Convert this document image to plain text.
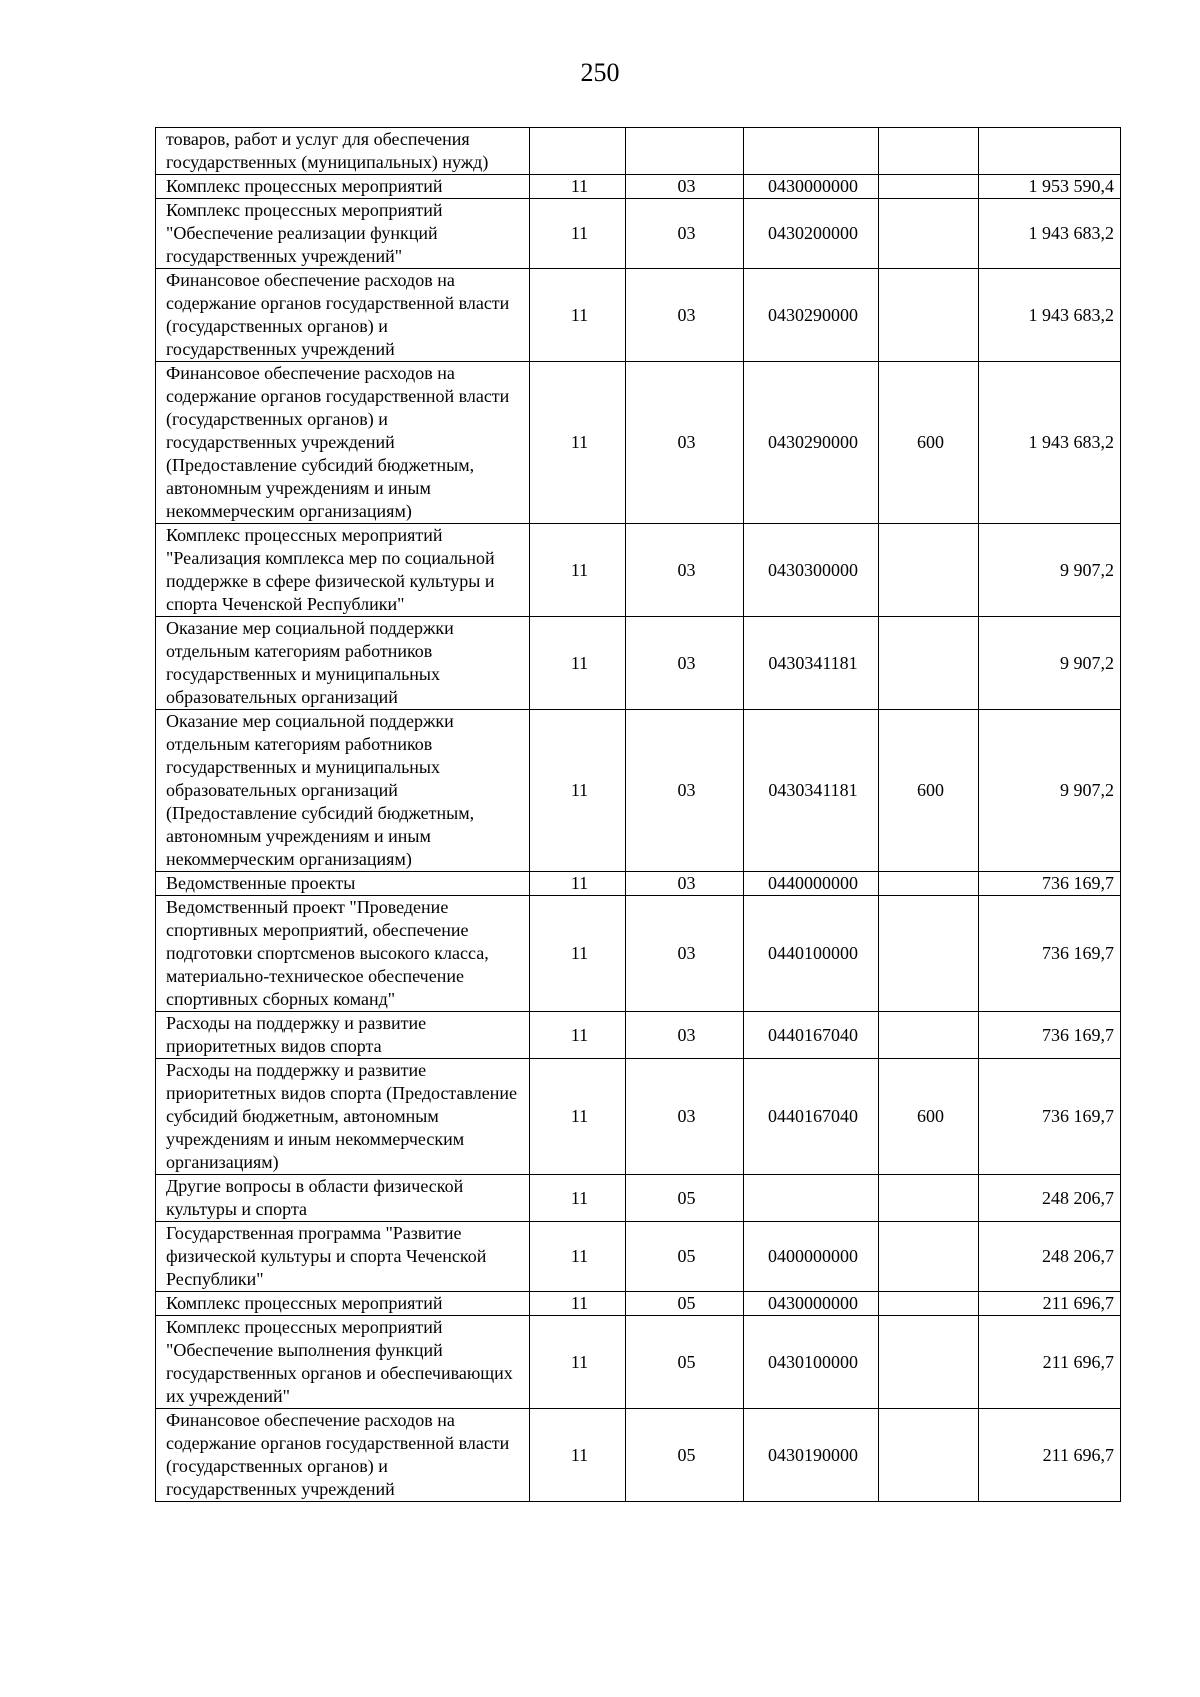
250
товаров, работ и услуг для обеспечения государственных (муниципальных) нужд)					
Комплекс процессных мероприятий	11	03	0430000000		1 953 590,4
Комплекс процессных мероприятий "Обеспечение реализации функций государственных учреждений"	11	03	0430200000		1 943 683,2
Финансовое обеспечение расходов на содержание органов государственной власти (государственных органов) и государственных учреждений	11	03	0430290000		1 943 683,2
Финансовое обеспечение расходов на содержание органов государственной власти (государственных органов) и государственных учреждений (Предоставление субсидий бюджетным, автономным учреждениям и иным некоммерческим организациям)	11	03	0430290000	600	1 943 683,2
Комплекс процессных мероприятий "Реализация комплекса мер по социальной поддержке в сфере физической культуры и спорта Чеченской Республики"	11	03	0430300000		9 907,2
Оказание мер социальной поддержки отдельным категориям работников государственных и муниципальных образовательных организаций	11	03	0430341181		9 907,2
Оказание мер социальной поддержки отдельным категориям работников государственных и муниципальных образовательных организаций (Предоставление субсидий бюджетным, автономным учреждениям и иным некоммерческим организациям)	11	03	0430341181	600	9 907,2
Ведомственные проекты	11	03	0440000000		736 169,7
Ведомственный проект "Проведение спортивных мероприятий, обеспечение подготовки спортсменов высокого класса, материально-техническое обеспечение спортивных сборных команд"	11	03	0440100000		736 169,7
Расходы на поддержку и развитие приоритетных видов спорта	11	03	0440167040		736 169,7
Расходы на поддержку и развитие приоритетных видов спорта (Предоставление субсидий бюджетным, автономным учреждениям и иным некоммерческим организациям)	11	03	0440167040	600	736 169,7
Другие вопросы в области физической культуры и спорта	11	05			248 206,7
Государственная программа "Развитие физической культуры и спорта Чеченской Республики"	11	05	0400000000		248 206,7
Комплекс процессных мероприятий	11	05	0430000000		211 696,7
Комплекс процессных мероприятий "Обеспечение выполнения функций государственных органов и обеспечивающих их учреждений"	11	05	0430100000		211 696,7
Финансовое обеспечение расходов на содержание органов государственной власти (государственных органов) и государственных учреждений	11	05	0430190000		211 696,7
